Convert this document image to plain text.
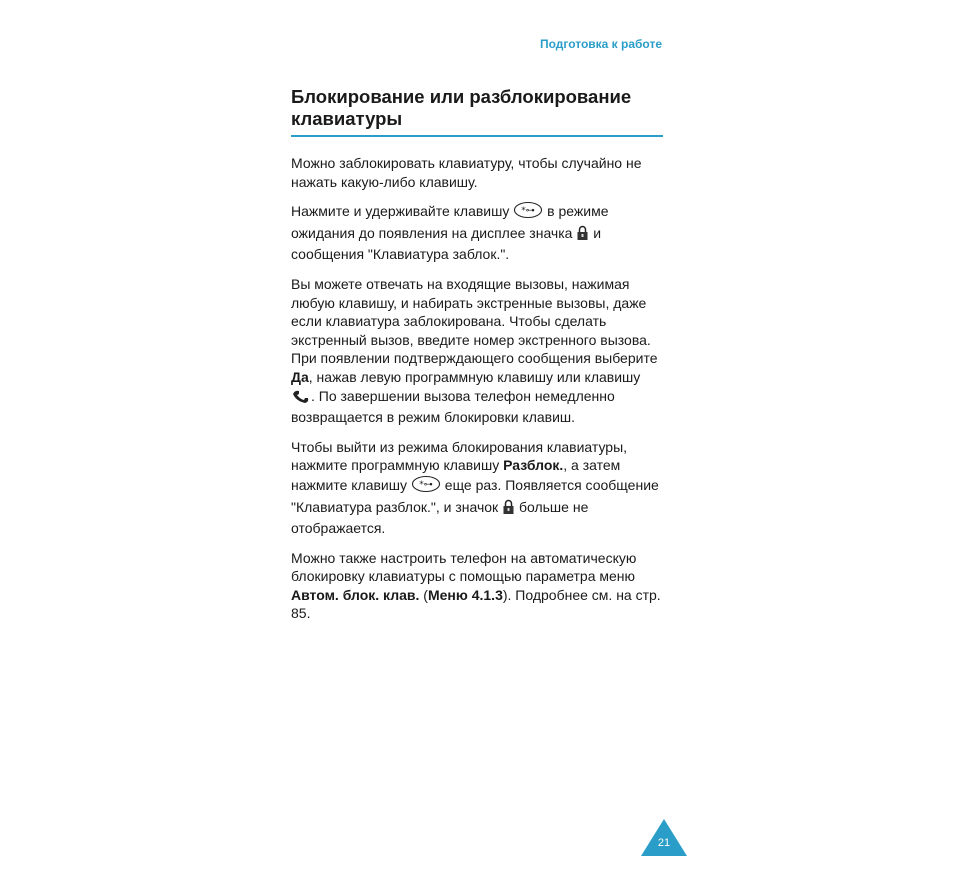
Подготовка к работе
Блокирование или разблокирование клавиатуры

Можно заблокировать клавиатуру, чтобы случайно не нажать какую-либо клавишу.

Нажмите и удерживайте клавишу *⊶ в режиме ожидания до появления на дисплее значка и сообщения "Клавиатура заблок.".

Вы можете отвечать на входящие вызовы, нажимая любую клавишу, и набирать экстренные вызовы, даже если клавиатура заблокирована. Чтобы сделать экстренный вызов, введите номер экстренного вызова. При появлении подтверждающего сообщения выберите Да, нажав левую программную клавишу или клавишу . По завершении вызова телефон немедленно возвращается в режим блокировки клавиш.

Чтобы выйти из режима блокирования клавиатуры, нажмите программную клавишу Разблок., а затем нажмите клавишу *⊶ еще раз. Появляется сообщение "Клавиатура разблок.", и значок больше не отображается.

Можно также настроить телефон на автоматическую блокировку клавиатуры с помощью параметра меню Автом. блок. клав. (Меню 4.1.3). Подробнее см. на стр. 85.

21
